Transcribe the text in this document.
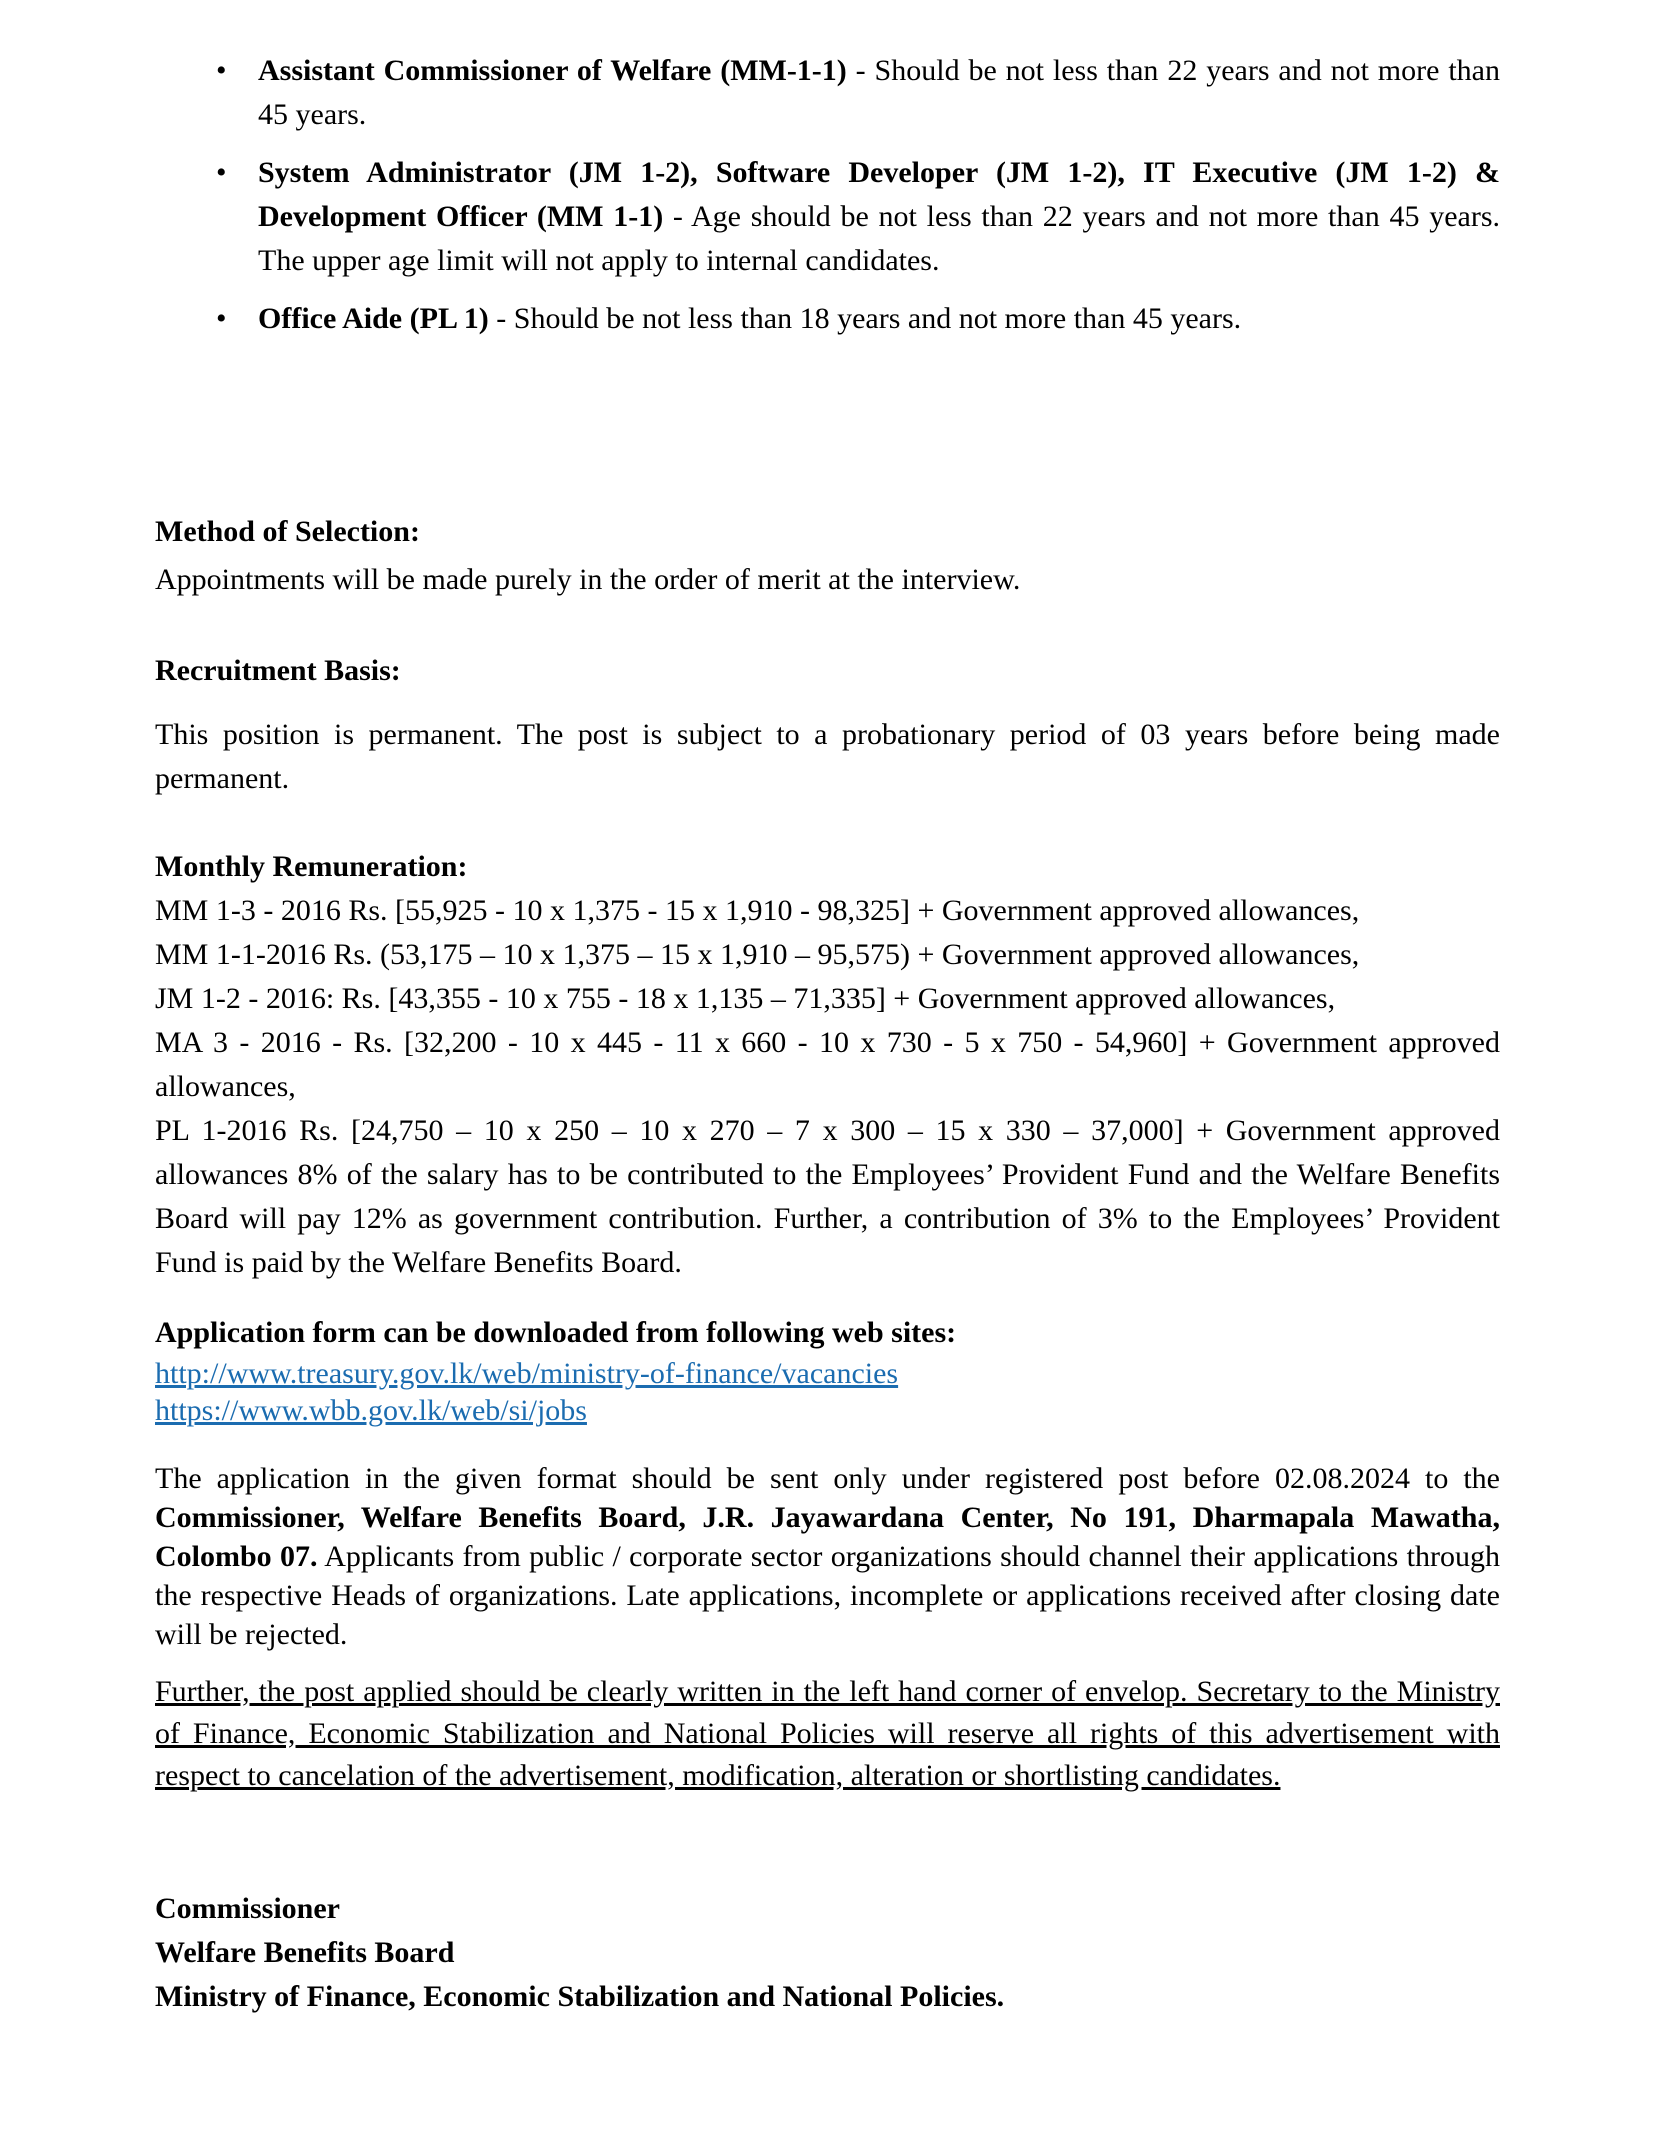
• Assistant Commissioner of Welfare (MM-1-1) - Should be not less than 22 years and not more than 45 years.
• System Administrator (JM 1-2), Software Developer (JM 1-2), IT Executive (JM 1-2) & Development Officer (MM 1-1) - Age should be not less than 22 years and not more than 45 years. The upper age limit will not apply to internal candidates.
• Office Aide (PL 1) - Should be not less than 18 years and not more than 45 years.
Method of Selection:

Appointments will be made purely in the order of merit at the interview.

Recruitment Basis:

This position is permanent. The post is subject to a probationary period of 03 years before being made permanent.

Monthly Remuneration:
MM 1-3 - 2016 Rs. [55,925 - 10 x 1,375 - 15 x 1,910 - 98,325] + Government approved allowances,
MM 1-1-2016 Rs. (53,175 – 10 x 1,375 – 15 x 1,910 – 95,575) + Government approved allowances,
JM 1-2 - 2016: Rs. [43,355 - 10 x 755 - 18 x 1,135 – 71,335] + Government approved allowances,
MA 3 - 2016 - Rs. [32,200 - 10 x 445 - 11 x 660 - 10 x 730 - 5 x 750 - 54,960] + Government approved allowances,
PL 1-2016 Rs. [24,750 – 10 x 250 – 10 x 270 – 7 x 300 – 15 x 330 – 37,000] + Government approved allowances 8% of the salary has to be contributed to the Employees’ Provident Fund and the Welfare Benefits Board will pay 12% as government contribution. Further, a contribution of 3% to the Employees’ Provident Fund is paid by the Welfare Benefits Board.
Application form can be downloaded from following web sites:
http://www.treasury.gov.lk/web/ministry-of-finance/vacancies
https://www.wbb.gov.lk/web/si/jobs

The application in the given format should be sent only under registered post before 02.08.2024 to the Commissioner, Welfare Benefits Board, J.R. Jayawardana Center, No 191, Dharmapala Mawatha, Colombo 07. Applicants from public / corporate sector organizations should channel their applications through the respective Heads of organizations. Late applications, incomplete or applications received after closing date will be rejected.

Further, the post applied should be clearly written in the left hand corner of envelop. Secretary to the Ministry of Finance, Economic Stabilization and National Policies will reserve all rights of this advertisement with respect to cancelation of the advertisement, modification, alteration or shortlisting candidates.

Commissioner
Welfare Benefits Board
Ministry of Finance, Economic Stabilization and National Policies.
